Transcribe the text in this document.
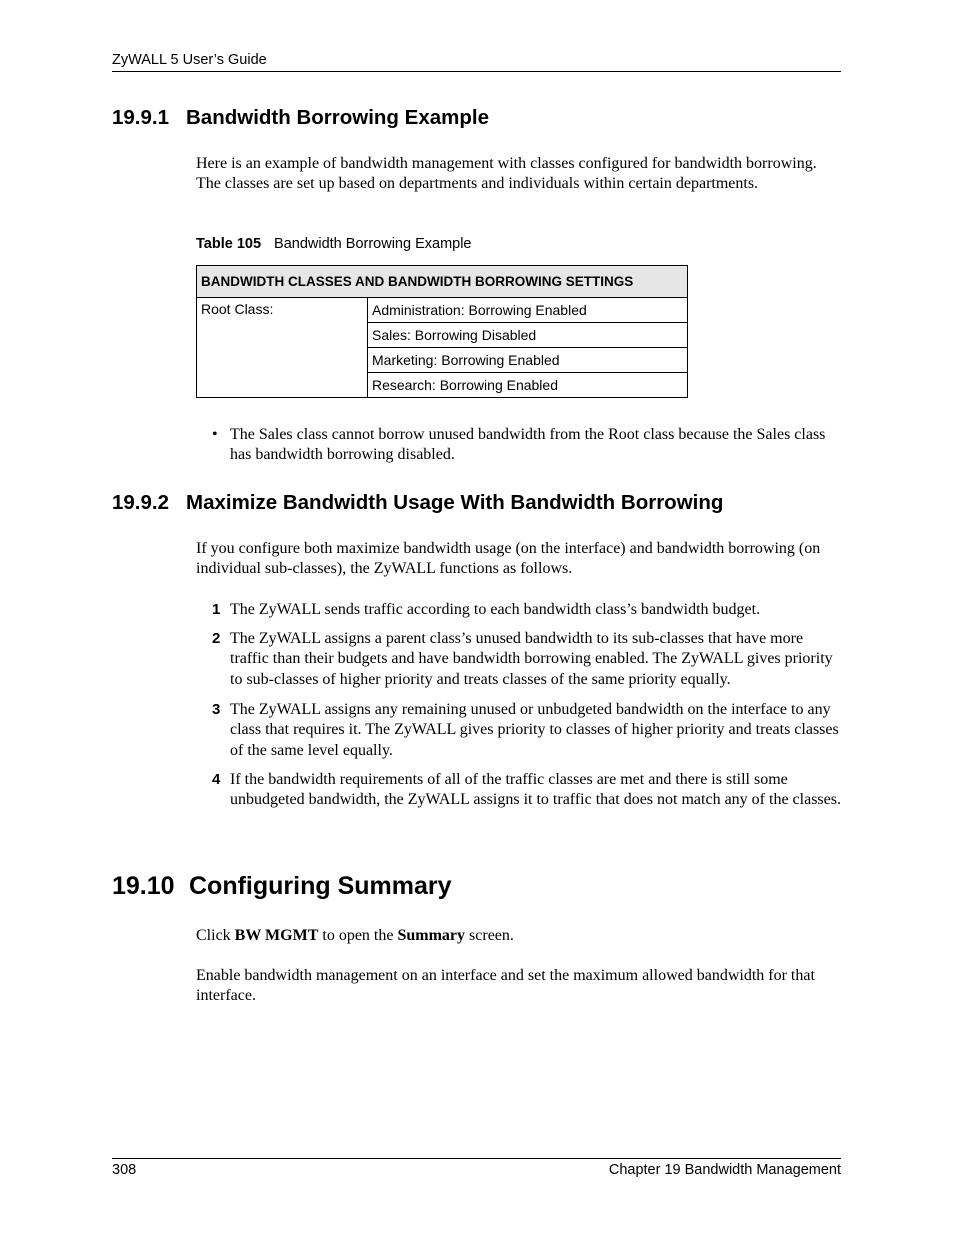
ZyWALL 5 User’s Guide
19.9.1 Bandwidth Borrowing Example
Here is an example of bandwidth management with classes configured for bandwidth borrowing. The classes are set up based on departments and individuals within certain departments.
Table 105 Bandwidth Borrowing Example
BANDWIDTH CLASSES AND BANDWIDTH BORROWING SETTINGS
Root Class:	Administration: Borrowing Enabled
Sales: Borrowing Disabled
Marketing: Borrowing Enabled
Research: Borrowing Enabled
• The Sales class cannot borrow unused bandwidth from the Root class because the Sales class has bandwidth borrowing disabled.
19.9.2 Maximize Bandwidth Usage With Bandwidth Borrowing
If you configure both maximize bandwidth usage (on the interface) and bandwidth borrowing (on individual sub-classes), the ZyWALL functions as follows.
1 The ZyWALL sends traffic according to each bandwidth class’s bandwidth budget.
2 The ZyWALL assigns a parent class’s unused bandwidth to its sub-classes that have more traffic than their budgets and have bandwidth borrowing enabled. The ZyWALL gives priority to sub-classes of higher priority and treats classes of the same priority equally.
3 The ZyWALL assigns any remaining unused or unbudgeted bandwidth on the interface to any class that requires it. The ZyWALL gives priority to classes of higher priority and treats classes of the same level equally.
4 If the bandwidth requirements of all of the traffic classes are met and there is still some unbudgeted bandwidth, the ZyWALL assigns it to traffic that does not match any of the classes.
19.10 Configuring Summary
Click BW MGMT to open the Summary screen.
Enable bandwidth management on an interface and set the maximum allowed bandwidth for that interface.
308	Chapter 19 Bandwidth Management
